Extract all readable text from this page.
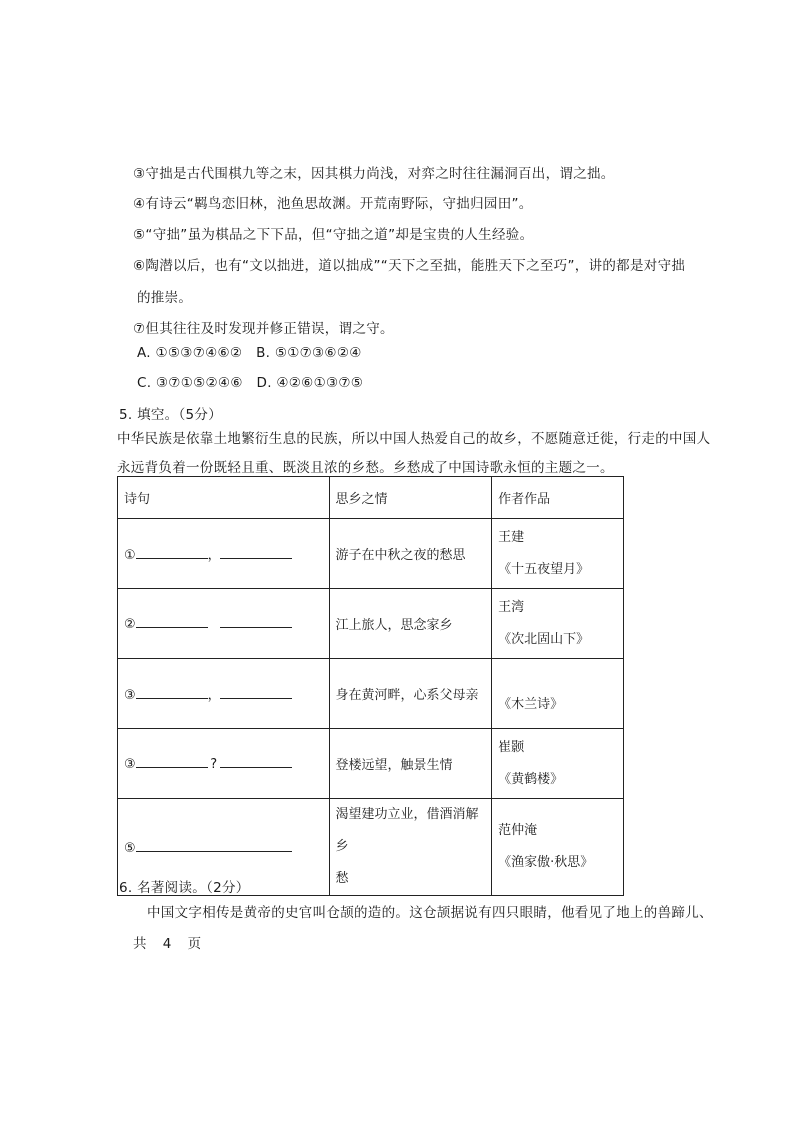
③守拙是古代围棋九等之末，因其棋力尚浅，对弈之时往往漏洞百出，谓之拙。
④有诗云“羁鸟恋旧林，池鱼思故渊。开荒南野际，守拙归园田”。
⑤“守拙”虽为棋品之下下品，但“守拙之道”却是宝贵的人生经验。
⑥陶潜以后，也有“文以拙进，道以拙成”“天下之至拙，能胜天下之至巧”，讲的都是对守拙
的推崇。
⑦但其往往及时发现并修正错误，谓之守。
A. ①⑤③⑦④⑥②   B. ⑤①⑦③⑥②④
C. ③⑦①⑤②④⑥   D. ④②⑥①③⑦⑤
5. 填空。（5分）
中华民族是依靠土地繁衍生息的民族，所以中国人热爱自己的故乡，不愿随意迁徙，行走的中国人
永远背负着一份既轻且重、既淡且浓的乡愁。乡愁成了中国诗歌永恒的主题之一。
诗句	思乡之情	作者作品
① ，	游子在中秋之夜的愁思	王建
《十五夜望月》

②	江上旅人，思念家乡	王湾
《次北固山下》

③ ，	身在黄河畔，心系父母亲	《木兰诗》

③ ?	登楼远望，触景生情	崔颢
《黄鹤楼》

⑤	渴望建功立业，借酒消解乡
愁	范仲淹
《渔家傲·秋思》
6. 名著阅读。（2分）
中国文字相传是黄帝的史官叫仓颉的造的。这仓颉据说有四只眼睛，他看见了地上的兽蹄儿、
共 4 页
